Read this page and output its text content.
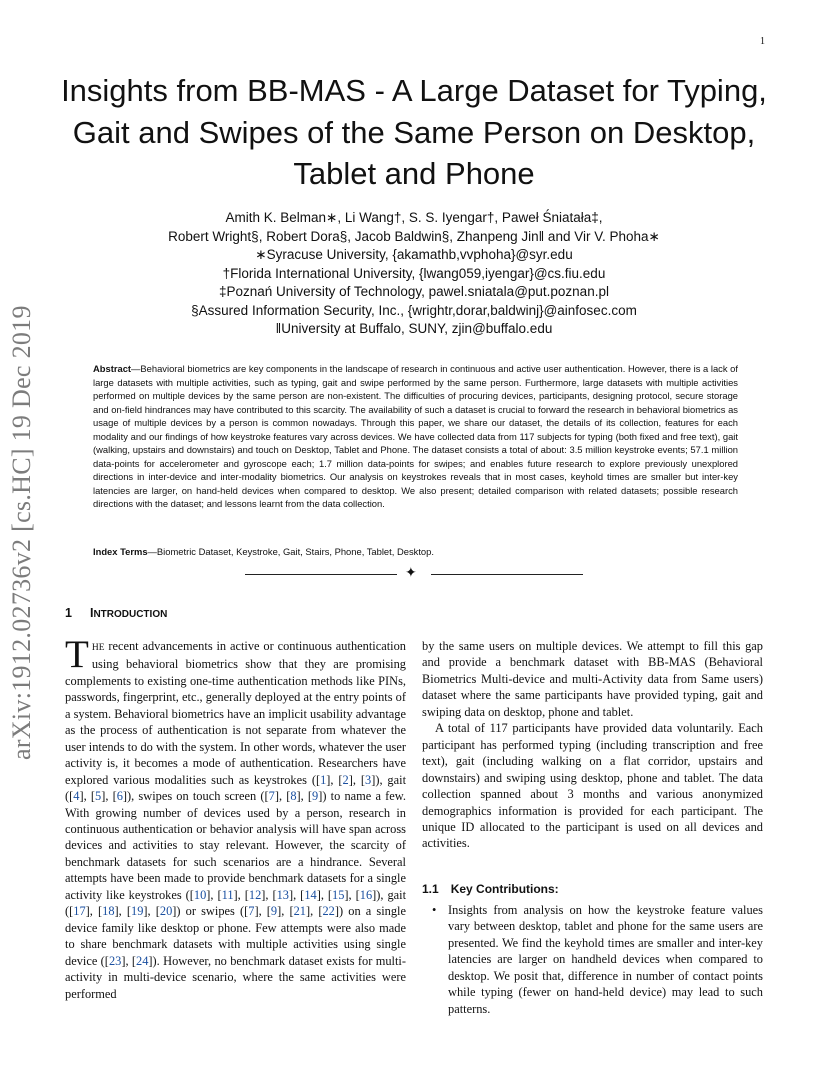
1
arXiv:1912.02736v2 [cs.HC] 19 Dec 2019
Insights from BB-MAS - A Large Dataset for Typing, Gait and Swipes of the Same Person on Desktop, Tablet and Phone
Amith K. Belman∗, Li Wang†, S. S. Iyengar†, Paweł Śniatała‡,
Robert Wright§, Robert Dora§, Jacob Baldwin§, Zhanpeng Jin‖ and Vir V. Phoha∗
∗Syracuse University, {akamathb,vvphoha}@syr.edu
†Florida International University, {lwang059,iyengar}@cs.fiu.edu
‡Poznań University of Technology, pawel.sniatala@put.poznan.pl
§Assured Information Security, Inc., {wrightr,dorar,baldwinj}@ainfosec.com
‖University at Buffalo, SUNY, zjin@buffalo.edu
Abstract—Behavioral biometrics are key components in the landscape of research in continuous and active user authentication. However, there is a lack of large datasets with multiple activities, such as typing, gait and swipe performed by the same person. Furthermore, large datasets with multiple activities performed on multiple devices by the same person are non-existent. The difficulties of procuring devices, participants, designing protocol, secure storage and on-field hindrances may have contributed to this scarcity. The availability of such a dataset is crucial to forward the research in behavioral biometrics as usage of multiple devices by a person is common nowadays. Through this paper, we share our dataset, the details of its collection, features for each modality and our findings of how keystroke features vary across devices. We have collected data from 117 subjects for typing (both fixed and free text), gait (walking, upstairs and downstairs) and touch on Desktop, Tablet and Phone. The dataset consists a total of about: 3.5 million keystroke events; 57.1 million data-points for accelerometer and gyroscope each; 1.7 million data-points for swipes; and enables future research to explore previously unexplored directions in inter-device and inter-modality biometrics. Our analysis on keystrokes reveals that in most cases, keyhold times are smaller but inter-key latencies are larger, on hand-held devices when compared to desktop. We also present; detailed comparison with related datasets; possible research directions with the dataset; and lessons learnt from the data collection.
Index Terms—Biometric Dataset, Keystroke, Gait, Stairs, Phone, Tablet, Desktop.
✦
1 INTRODUCTION

THE recent advancements in active or continuous authentication using behavioral biometrics show that they are promising complements to existing one-time authentication methods like PINs, passwords, fingerprint, etc., generally deployed at the entry points of a system. Behavioral biometrics have an implicit usability advantage as the process of authentication is not separate from whatever the user intends to do with the system. In other words, whatever the user activity is, it becomes a mode of authentication. Researchers have explored various modalities such as keystrokes ([1], [2], [3]), gait ([4], [5], [6]), swipes on touch screen ([7], [8], [9]) to name a few. With growing number of devices used by a person, research in continuous authentication or behavior analysis will have span across devices and activities to stay relevant. However, the scarcity of benchmark datasets for such scenarios are a hindrance. Several attempts have been made to provide benchmark datasets for a single activity like keystrokes ([10], [11], [12], [13], [14], [15], [16]), gait ([17], [18], [19], [20]) or swipes ([7], [9], [21], [22]) on a single device family like desktop or phone. Few attempts were also made to share benchmark datasets with multiple activities using single device ([23], [24]). However, no benchmark dataset exists for multi-activity in multi-device scenario, where the same activities were performed

by the same users on multiple devices. We attempt to fill this gap and provide a benchmark dataset with BB-MAS (Behavioral Biometrics Multi-device and multi-Activity data from Same users) dataset where the same participants have provided typing, gait and swiping data on desktop, phone and tablet.

A total of 117 participants have provided data voluntarily. Each participant has performed typing (including transcription and free text), gait (including walking on a flat corridor, upstairs and downstairs) and swiping using desktop, phone and tablet. The data collection spanned about 3 months and various anonymized demographics information is provided for each participant. The unique ID allocated to the participant is used on all devices and activities.

1.1 Key Contributions:
• Insights from analysis on how the keystroke feature values vary between desktop, tablet and phone for the same users are presented. We find the keyhold times are smaller and inter-key latencies are larger on handheld devices when compared to desktop. We posit that, difference in number of contact points while typing (fewer on hand-held device) may lead to such patterns.
